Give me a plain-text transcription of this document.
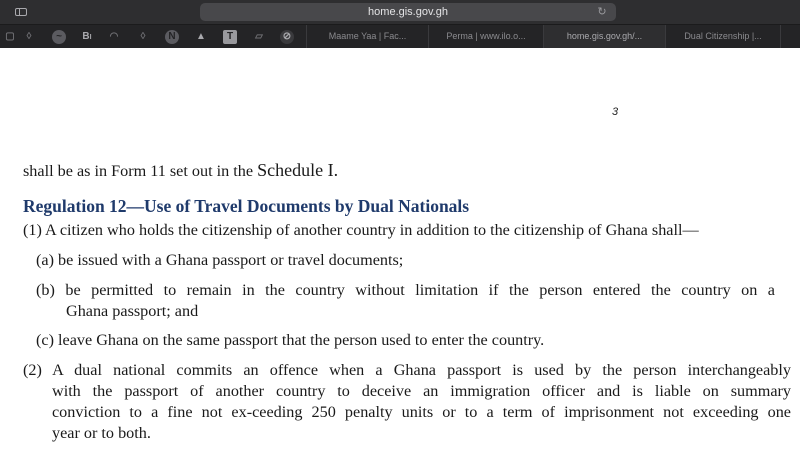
home.gis.gov.gh	↻
▢	◊	~	BI ◠	◊	N	▲	T	▱	⊘	Maame Yaa | Fac...	Perma | www.ilo.o...	home.gis.gov.gh/...	Dual Citizenship |...
3
shall be as in Form 11 set out in the Schedule I.
Regulation 12—Use of Travel Documents by Dual Nationals
(1) A citizen who holds the citizenship of another country in addition to the citizenship of Ghana shall—
(a) be issued with a Ghana passport or travel documents;
(b) be permitted to remain in the country without limitation if the person entered the country on a
Ghana passport; and
(c) leave Ghana on the same passport that the person used to enter the country.
(2) A dual national commits an offence when a Ghana passport is used by the person interchangeably
with the passport of another country to deceive an immigration officer and is liable on summary
conviction to a fine not ex-ceeding 250 penalty units or to a term of imprisonment not exceeding one
year or to both.
